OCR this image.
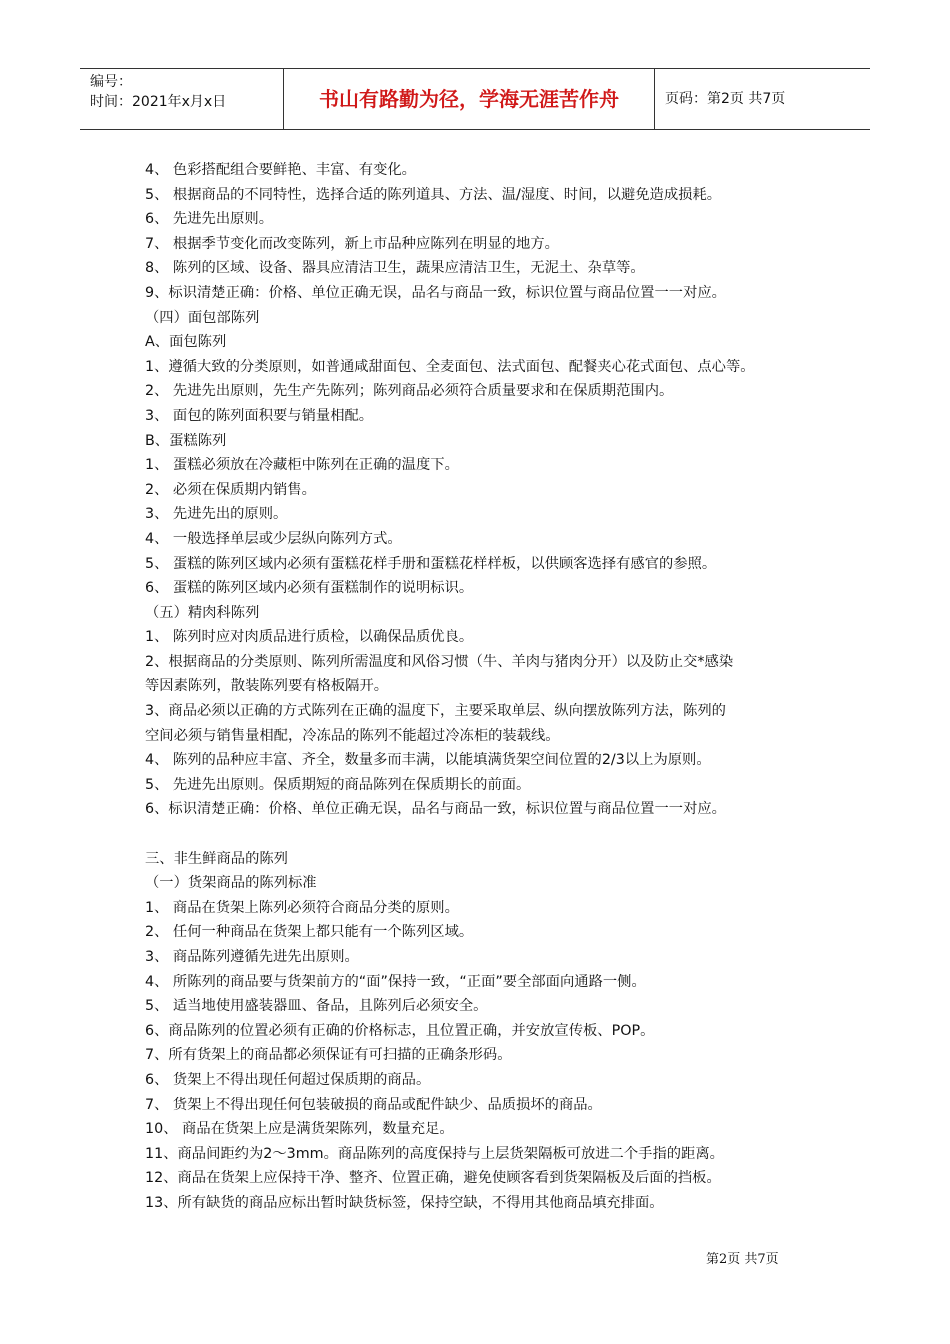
编号：
时间：2021年x月x日	书山有路勤为径，学海无涯苦作舟	页码：第2页 共7页
4、 色彩搭配组合要鲜艳、丰富、有变化。
5、 根据商品的不同特性，选择合适的陈列道具、方法、温/湿度、时间，以避免造成损耗。
6、 先进先出原则。
7、 根据季节变化而改变陈列，新上市品种应陈列在明显的地方。
8、 陈列的区域、设备、器具应清洁卫生，蔬果应清洁卫生，无泥土、杂草等。
9、标识清楚正确：价格、单位正确无误，品名与商品一致，标识位置与商品位置一一对应。
（四）面包部陈列
A、面包陈列
1、遵循大致的分类原则，如普通咸甜面包、全麦面包、法式面包、配餐夹心花式面包、点心等。
2、 先进先出原则，先生产先陈列；陈列商品必须符合质量要求和在保质期范围内。
3、 面包的陈列面积要与销量相配。
B、蛋糕陈列
1、 蛋糕必须放在冷藏柜中陈列在正确的温度下。
2、 必须在保质期内销售。
3、 先进先出的原则。
4、 一般选择单层或少层纵向陈列方式。
5、 蛋糕的陈列区域内必须有蛋糕花样手册和蛋糕花样样板，以供顾客选择有感官的参照。
6、 蛋糕的陈列区域内必须有蛋糕制作的说明标识。
（五）精肉科陈列
1、 陈列时应对肉质品进行质检，以确保品质优良。
2、根据商品的分类原则、陈列所需温度和风俗习惯（牛、羊肉与猪肉分开）以及防止交*感染
等因素陈列，散装陈列要有格板隔开。
3、商品必须以正确的方式陈列在正确的温度下，主要采取单层、纵向摆放陈列方法，陈列的
空间必须与销售量相配，冷冻品的陈列不能超过冷冻柜的装载线。
4、 陈列的品种应丰富、齐全，数量多而丰满，以能填满货架空间位置的2/3以上为原则。
5、 先进先出原则。保质期短的商品陈列在保质期长的前面。
6、标识清楚正确：价格、单位正确无误，品名与商品一致，标识位置与商品位置一一对应。

三、非生鲜商品的陈列
（一）货架商品的陈列标准
1、 商品在货架上陈列必须符合商品分类的原则。
2、 任何一种商品在货架上都只能有一个陈列区域。
3、 商品陈列遵循先进先出原则。
4、 所陈列的商品要与货架前方的“面”保持一致，“正面”要全部面向通路一侧。
5、 适当地使用盛装器皿、备品，且陈列后必须安全。
6、商品陈列的位置必须有正确的价格标志，且位置正确，并安放宣传板、POP。
7、所有货架上的商品都必须保证有可扫描的正确条形码。
6、 货架上不得出现任何超过保质期的商品。
7、 货架上不得出现任何包装破损的商品或配件缺少、品质损坏的商品。
10、 商品在货架上应是满货架陈列，数量充足。
11、商品间距约为2～3mm。商品陈列的高度保持与上层货架隔板可放进二个手指的距离。
12、商品在货架上应保持干净、整齐、位置正确，避免使顾客看到货架隔板及后面的挡板。
13、所有缺货的商品应标出暂时缺货标签，保持空缺，不得用其他商品填充排面。
第2页 共7页
